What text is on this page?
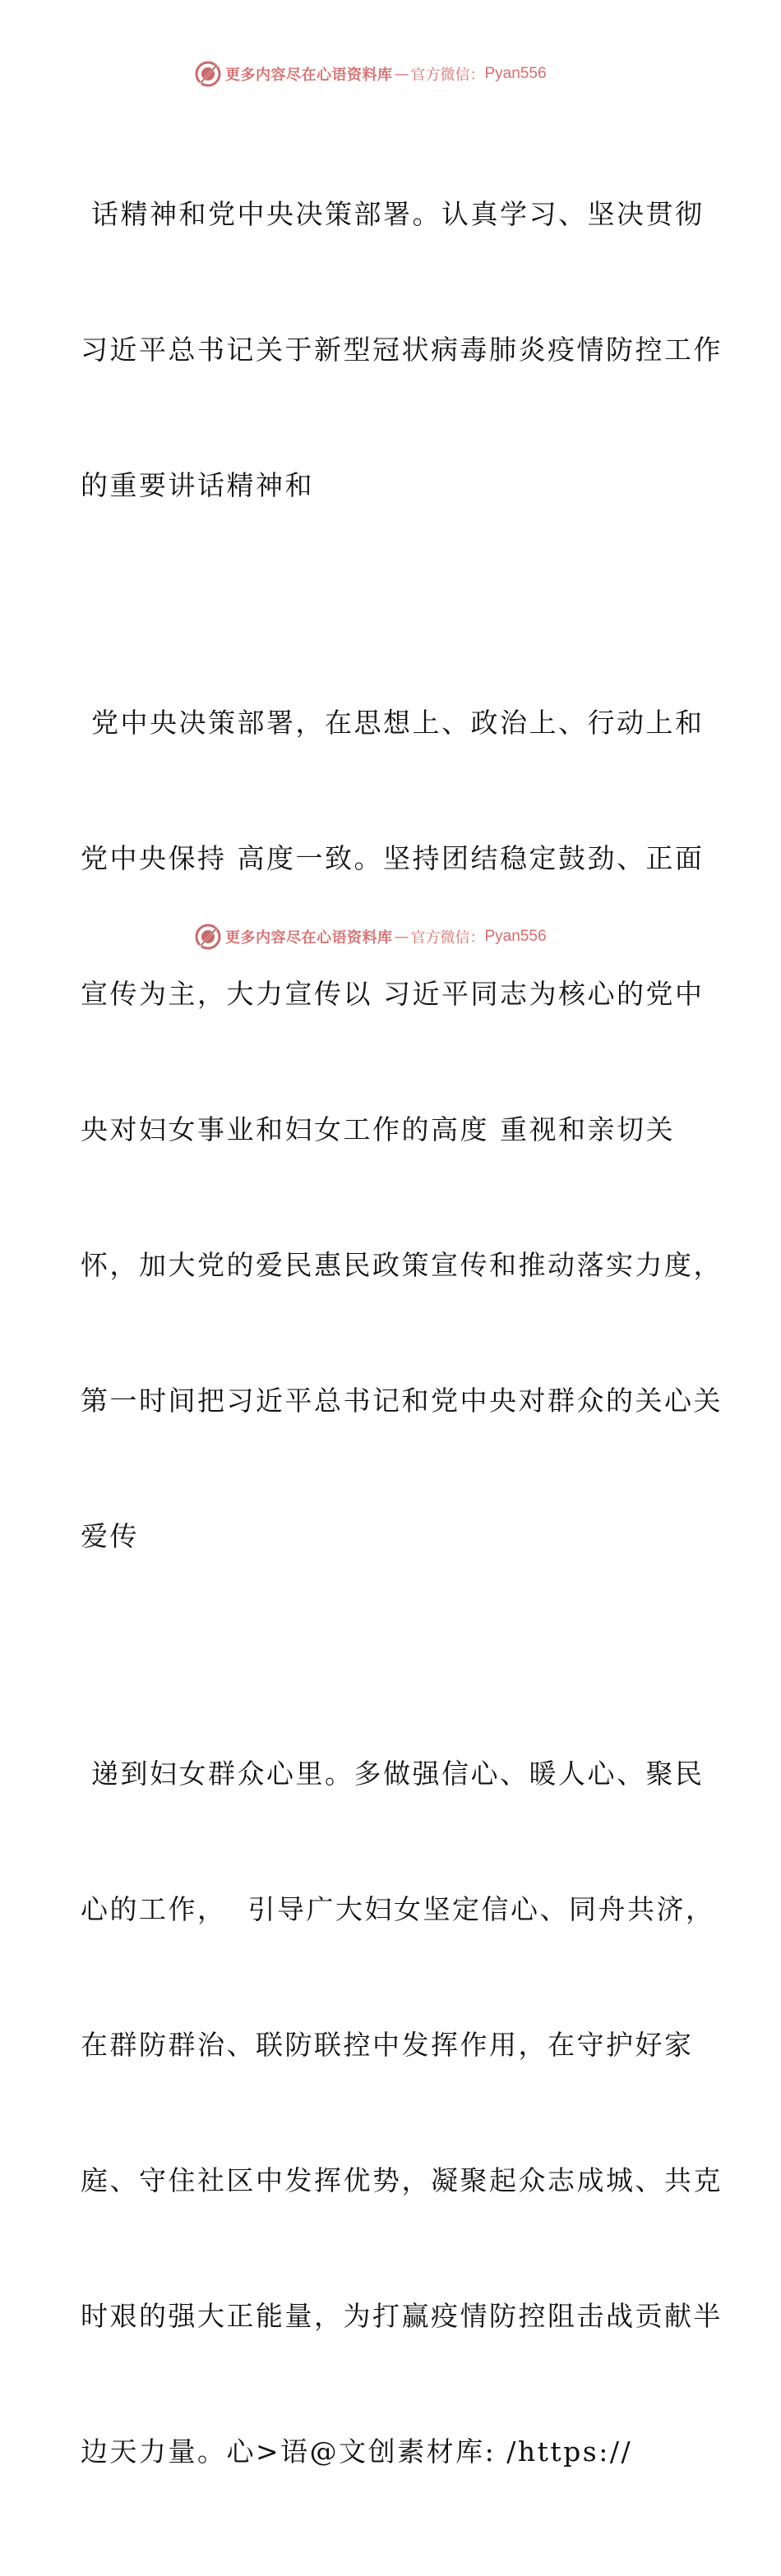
更多内容尽在心语资料库 — 官方微信： Pyan556

话精神和党中央决策部署。认真学习、坚决贯彻

习近平总书记关于新型冠状病毒肺炎疫情防控工作

的重要讲话精神和

党中央决策部署，在思想上、政治上、行动上和

党中央保持 高度一致。坚持团结稳定鼓劲、正面

宣传为主，大力宣传以 习近平同志为核心的党中

央对妇女事业和妇女工作的高度 重视和亲切关

怀，加大党的爱民惠民政策宣传和推动落实力度，

第一时间把习近平总书记和党中央对群众的关心关

爱传

递到妇女群众心里。多做强信心、暖人心、聚民

心的工作，  引导广大妇女坚定信心、同舟共济，

在群防群治、联防联控中发挥作用，在守护好家

庭、守住社区中发挥优势，凝聚起众志成城、共克

时艰的强大正能量，为打赢疫情防控阻击战贡献半

边天力量。心>语@文创素材库: /https://

更多内容尽在心语资料库 — 官方微信： Pyan556
